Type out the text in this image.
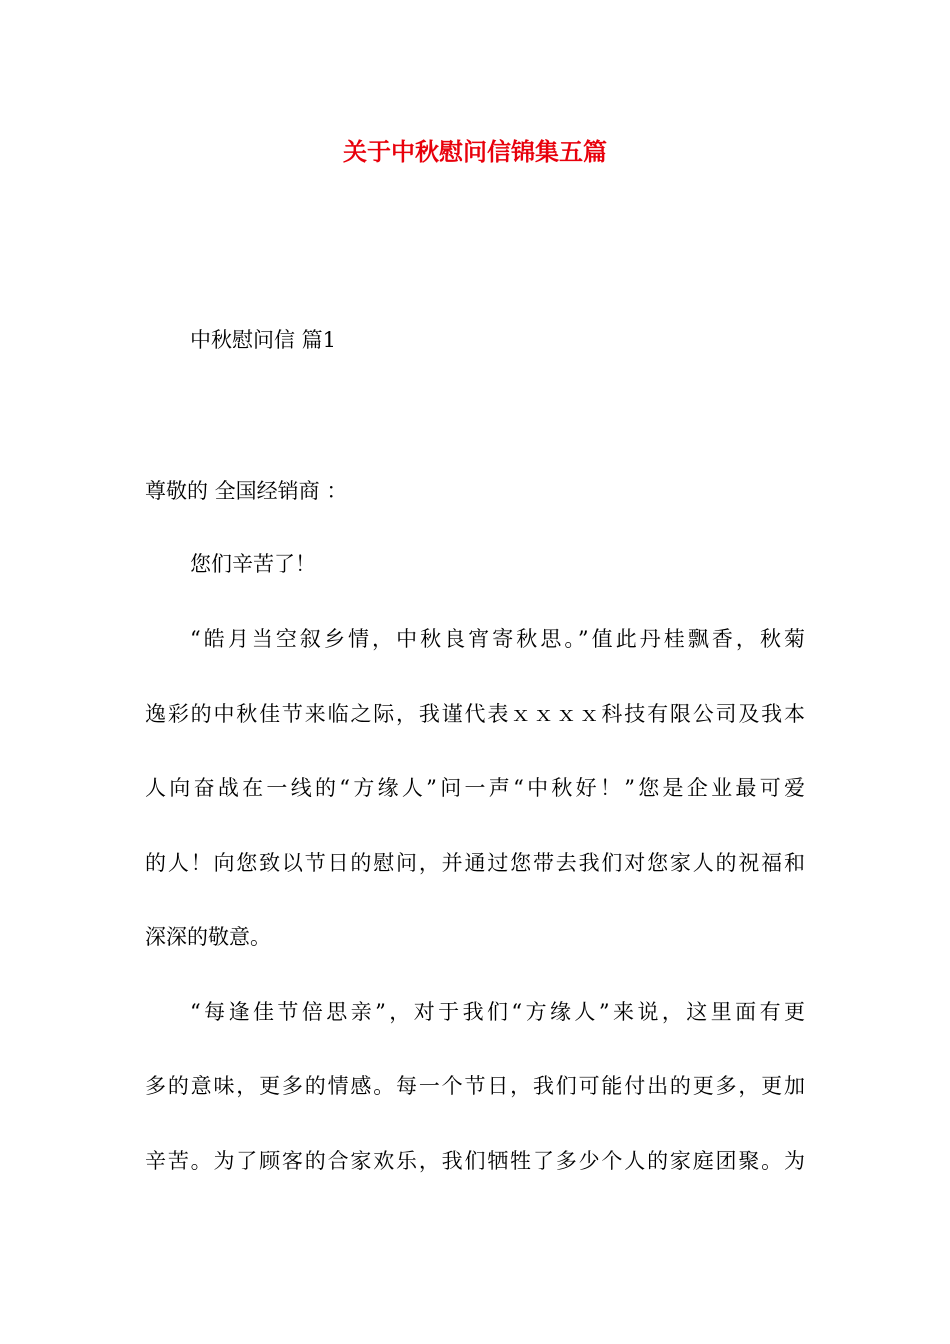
关于中秋慰问信锦集五篇
中秋慰问信 篇1
尊敬的 全国经销商 ：
您们辛苦了！
“皓月当空叙乡情，中秋良宵寄秋思。”值此丹桂飘香，秋菊
逸彩的中秋佳节来临之际，我谨代表ｘｘｘｘ科技有限公司及我本
人向奋战在一线的“方缘人”问一声“中秋好！”您是企业最可爱
的人！向您致以节日的慰问，并通过您带去我们对您家人的祝福和
深深的敬意。
“每逢佳节倍思亲”，对于我们“方缘人”来说，这里面有更
多的意味，更多的情感。每一个节日，我们可能付出的更多，更加
辛苦。为了顾客的合家欢乐，我们牺牲了多少个人的家庭团聚。为
